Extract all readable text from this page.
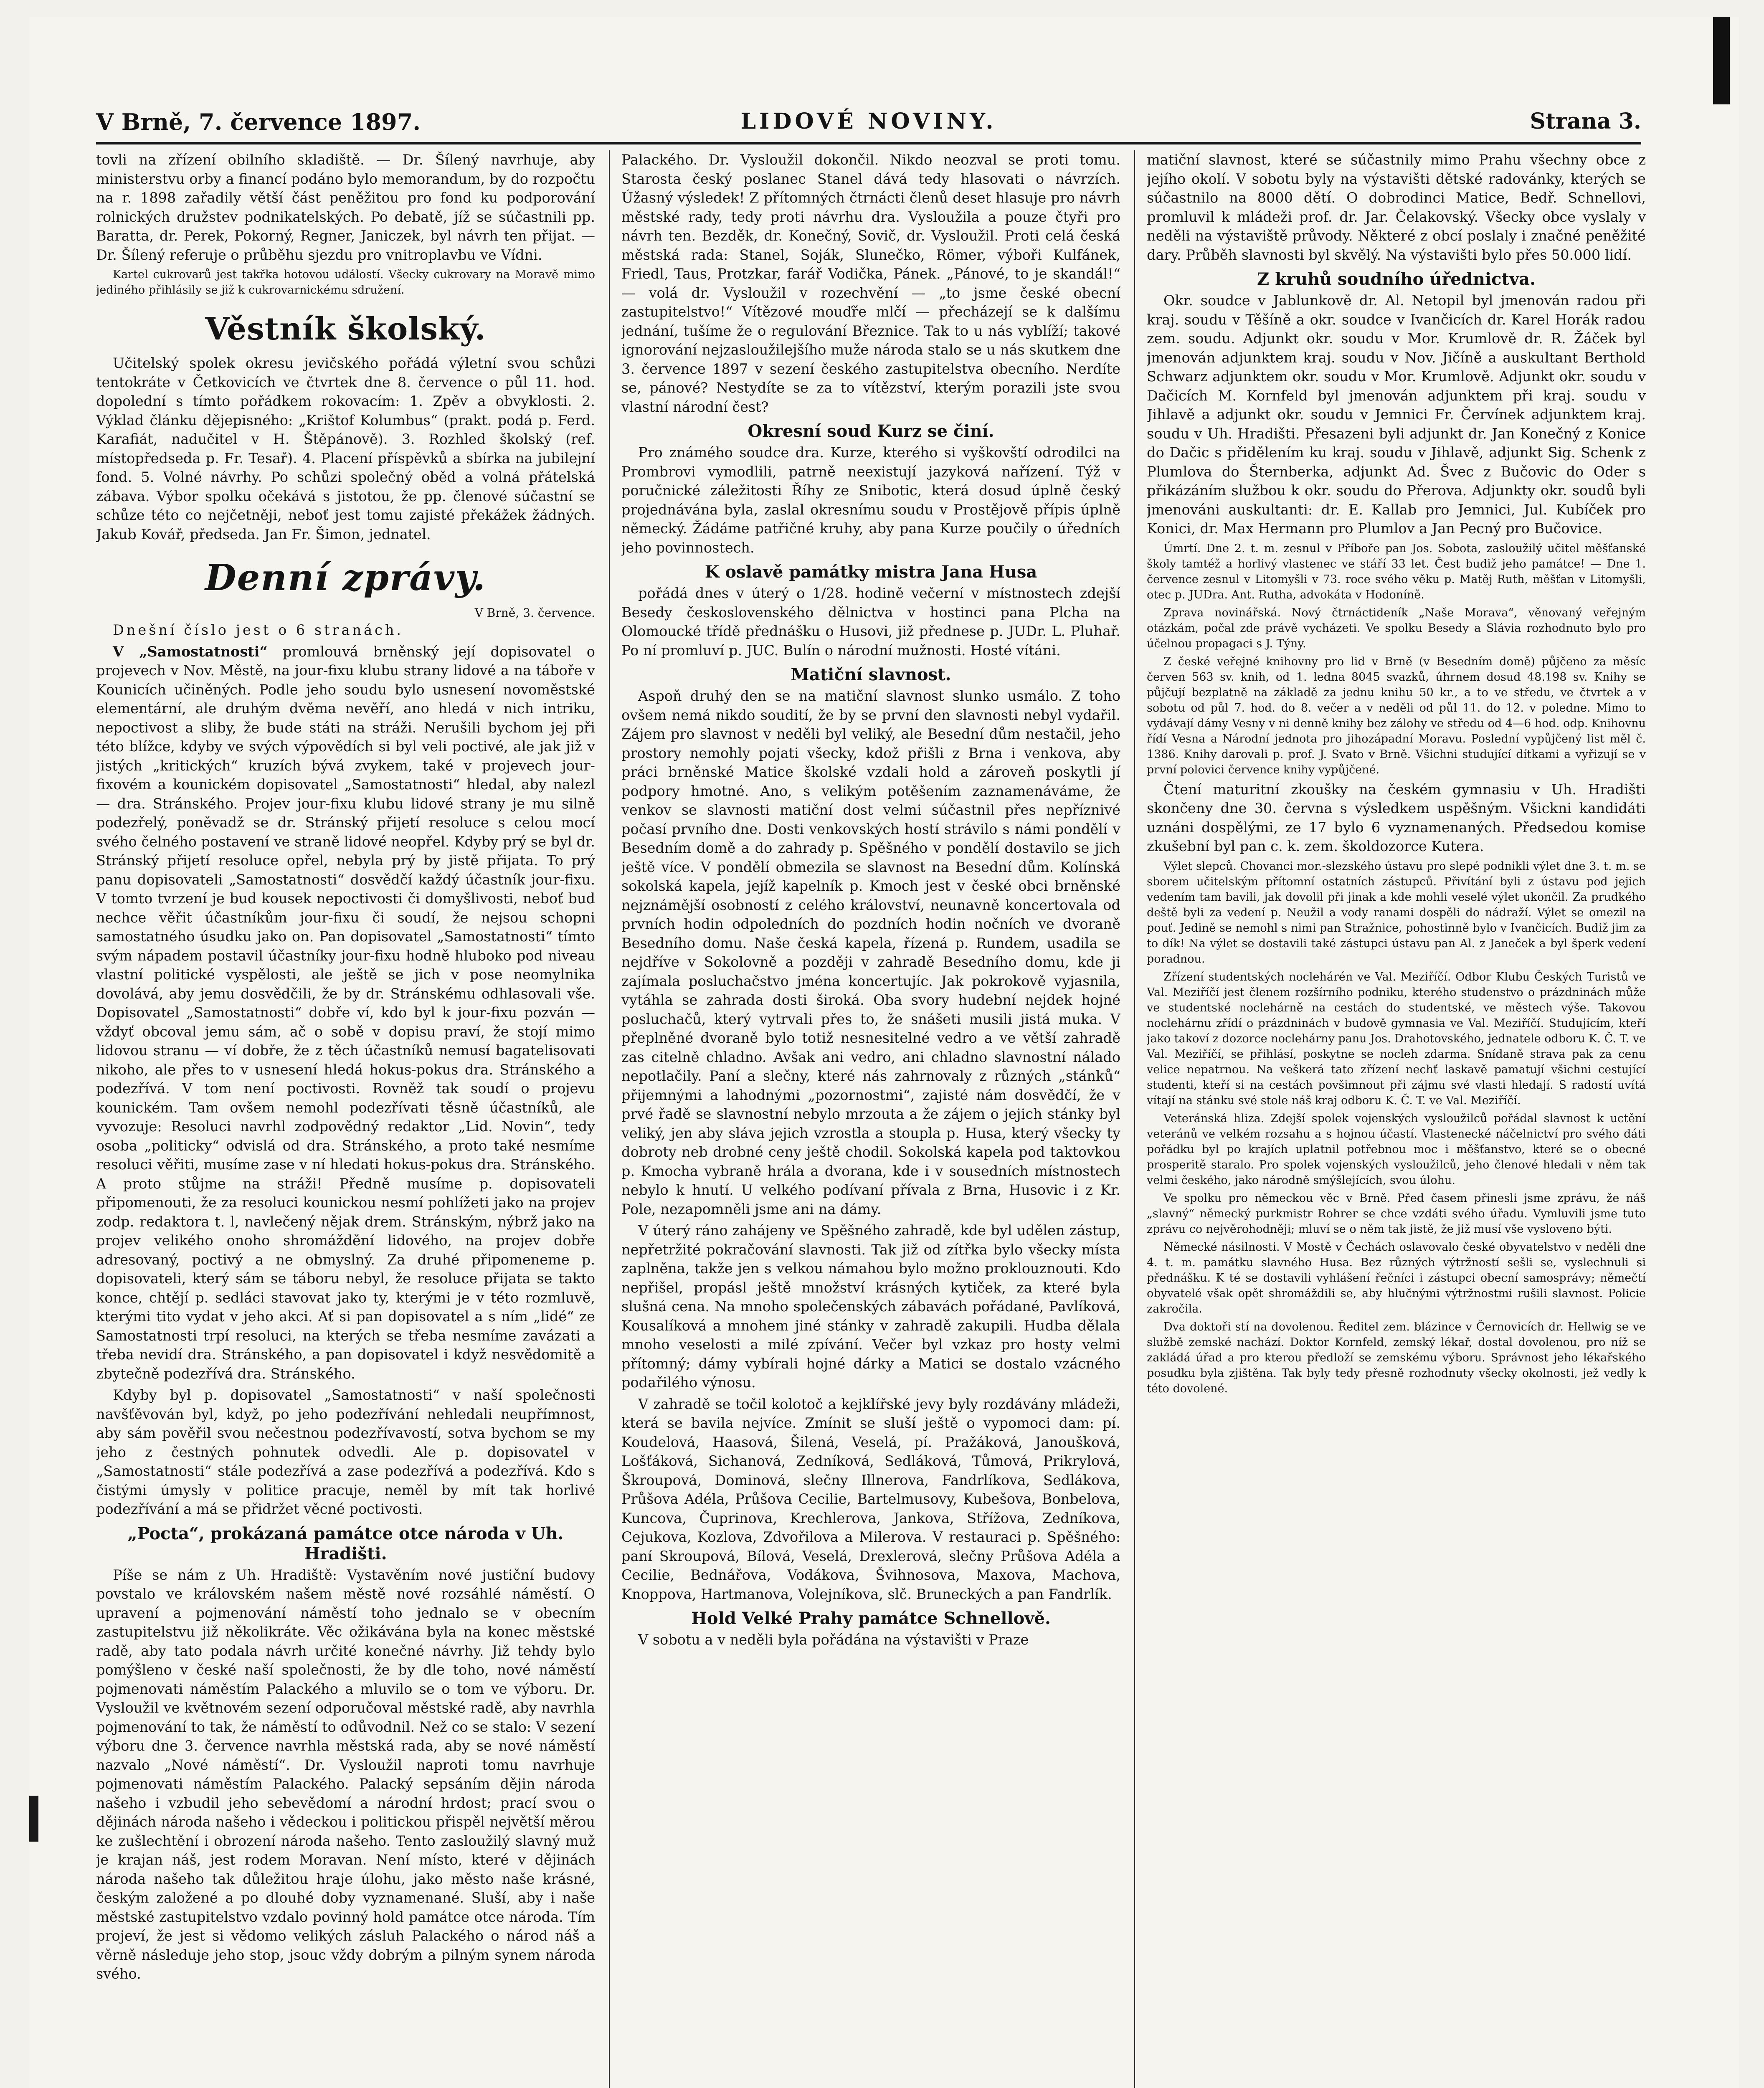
V Brně, 7. července 1897.	LIDOVÉ NOVINY.	Strana 3.

tovli na zřízení obilního skladiště. — Dr. Šílený navrhuje, aby ministerstvu orby a financí podáno bylo memorandum, by do rozpočtu na r. 1898 zařadily větší část peněžitou pro fond ku podporování rolnických družstev podnikatelských. Po debatě, jíž se súčastnili pp. Baratta, dr. Perek, Pokorný, Regner, Janiczek, byl návrh ten přijat. — Dr. Šílený referuje o průběhu sjezdu pro vnitroplavbu ve Vídni.

Kartel cukrovarů jest takřka hotovou událostí. Všecky cukrovary na Moravě mimo jediného přihlásily se již k cukrovarnickému sdružení.

Věstník školský.

Učitelský spolek okresu jevičského pořádá výletní svou schůzi tentokráte v Četkovicích ve čtvrtek dne 8. července o půl 11. hod. dopolední s tímto pořádkem rokovacím: 1. Zpěv a obvyklosti. 2. Výklad článku dějepisného: „Krištof Kolumbus“ (prakt. podá p. Ferd. Karafiát, nadučitel v H. Štěpánově). 3. Rozhled školský (ref. místopředseda p. Fr. Tesař). 4. Placení příspěvků a sbírka na jubilejní fond. 5. Volné návrhy. Po schůzi společný oběd a volná přátelská zábava. Výbor spolku očekává s jistotou, že pp. členové súčastní se schůze této co nejčetněji, neboť jest tomu zajisté překážek žádných. Jakub Kovář, předseda. Jan Fr. Šimon, jednatel.

Denní zprávy.

V Brně, 3. července.

Dnešní číslo jest o 6 stranách.

V „Samostatnosti“ promlouvá brněnský její dopisovatel o projevech v Nov. Městě, na jour-fixu klubu strany lidové a na táboře v Kounicích učiněných. Podle jeho soudu bylo usnesení novoměstské elementární, ale druhým dvěma nevěří, ano hledá v nich intriku, nepoctivost a sliby, že bude státi na stráži. Nerušili bychom jej při této blížce, kdyby ve svých výpovědích si byl veli poctivé, ale jak již v jistých „kritických“ kruzích bývá zvykem, také v projevech jour-fixovém a kounickém dopisovatel „Samostatnosti“ hledal, aby nalezl — dra. Stránského. Projev jour-fixu klubu lidové strany je mu silně podezřelý, poněvadž se dr. Stránský přijetí resoluce s celou mocí svého čelného postavení ve straně lidové neopřel. Kdyby prý se byl dr. Stránský přijetí resoluce opřel, nebyla prý by jistě přijata. To prý panu dopisovateli „Samostatnosti“ dosvědčí každý účastník jour-fixu. V tomto tvrzení je bud kousek nepoctivosti či domyšlivosti, neboť buď nechce věřit účastníkům jour-fixu či soudí, že nejsou schopni samostatného úsudku jako on. Pan dopisovatel „Samostatnosti“ tímto svým nápadem postavil účastníky jour-fixu hodně hluboko pod niveau vlastní politické vyspělosti, ale ještě se jich v pose neomylnika dovolává, aby jemu dosvědčili, že by dr. Stránskému odhlasovali vše. Dopisovatel „Samostatnosti“ dobře ví, kdo byl k jour-fixu pozván — vždyť obcoval jemu sám, ač o sobě v dopisu praví, že stojí mimo lidovou stranu — ví dobře, že z těch účastníků nemusí bagatelisovati nikoho, ale přes to v usnesení hledá hokus-pokus dra. Stránského a podezřívá. V tom není poctivosti. Rovněž tak soudí o projevu kounickém. Tam ovšem nemohl podezřívati těsně účastníků, ale vyvozuje: Resoluci navrhl zodpovědný redaktor „Lid. Novin“, tedy osoba „politicky“ odvislá od dra. Stránského, a proto také nesmíme resoluci věřiti, musíme zase v ní hledati hokus-pokus dra. Stránského. A proto stůjme na stráži! Předně musíme p. dopisovateli připomenouti, že za resoluci kounickou nesmí pohlížeti jako na projev zodp. redaktora t. l, navlečený nějak drem. Stránským, nýbrž jako na projev velikého onoho shromáždění lidového, na projev dobře adresovaný, poctivý a ne obmyslný. Za druhé připomeneme p. dopisovateli, který sám se táboru nebyl, že resoluce přijata se takto konce, chtějí p. sedláci stavovat jako ty, kterými je v této rozmluvě, kterými tito vydat v jeho akci. Ať si pan dopisovatel a s ním „lidé“ ze Samostatnosti trpí resoluci, na kterých se třeba nesmíme zavázati a třeba nevidí dra. Stránského, a pan dopisovatel i když nesvědomitě a zbytečně podezřívá dra. Stránského.

Kdyby byl p. dopisovatel „Samostatnosti“ v naší společnosti navšťěvován byl, když, po jeho podezřívání nehledali neupřímnost, aby sám pověřil svou nečestnou podezřívavostí, sotva bychom se my jeho z čestných pohnutek odvedli. Ale p. dopisovatel v „Samostatnosti“ stále podezřívá a zase podezřívá a podezřívá. Kdo s čistými úmysly v politice pracuje, neměl by mít tak horlivé podezřívání a má se přidržet věcné poctivosti.

„Pocta“, prokázaná památce otce národa v Uh. Hradišti.

Píše se nám z Uh. Hradiště: Vystavěním nové justiční budovy povstalo ve královském našem městě nové rozsáhlé náměstí. O upravení a pojmenování náměstí toho jednalo se v obecním zastupitelstvu již několikráte. Věc ožikávána byla na konec městské radě, aby tato podala návrh určité konečné návrhy. Již tehdy bylo pomýšleno v české naší společnosti, že by dle toho, nové náměstí pojmenovati náměstím Palackého a mluvilo se o tom ve výboru. Dr. Vysloužil ve květnovém sezení odporučoval městské radě, aby navrhla pojmenování to tak, že náměstí to odůvodnil. Než co se stalo: V sezení výboru dne 3. července navrhla městská rada, aby se nové náměstí nazvalo „Nové náměstí“. Dr. Vysloužil naproti tomu navrhuje pojmenovati náměstím Palackého. Palacký sepsáním dějin národa našeho i vzbudil jeho sebevědomí a národní hrdost; prací svou o dějinách národa našeho i vědeckou i politickou přispěl největší měrou ke zušlechtění i obrození národa našeho. Tento zasloužilý slavný muž je krajan náš, jest rodem Moravan. Není místo, které v dějinách národa našeho tak důležitou hraje úlohu, jako město naše krásné, českým založené a po dlouhé doby vyznamenané. Sluší, aby i naše městské zastupitelstvo vzdalo povinný hold památce otce národa. Tím projeví, že jest si vědomo velikých zásluh Palackého o národ náš a věrně následuje jeho stop, jsouc vždy dobrým a pilným synem národa svého.

Palackého. Dr. Vysloužil dokončil. Nikdo neozval se proti tomu. Starosta český poslanec Stanel dává tedy hlasovati o návrzích. Úžasný výsledek! Z přítomných čtrnácti členů deset hlasuje pro návrh městské rady, tedy proti návrhu dra. Vysloužila a pouze čtyři pro návrh ten. Bezděk, dr. Konečný, Sovič, dr. Vysloužil. Proti celá česká městská rada: Stanel, Soják, Slunečko, Römer, výboři Kulfánek, Friedl, Taus, Protzkar, farář Vodička, Pánek. „Pánové, to je skandál!“ — volá dr. Vysloužil v rozechvění — „to jsme české obecní zastupitelstvo!“ Vítězové mouďře mlčí — přecházejí se k dalšímu jednání, tušíme že o regulování Březnice. Tak to u nás vyblíží; takové ignorování nejzasloužilejšího muže národa stalo se u nás skutkem dne 3. července 1897 v sezení českého zastupitelstva obecního. Nerdíte se, pánové? Nestydíte se za to vítězství, kterým porazili jste svou vlastní národní čest?

Okresní soud Kurz se činí.

Pro známého soudce dra. Kurze, kterého si vyškovští odrodilci na Prombrovi vymodlili, patrně neexistují jazyková nařízení. Týž v poručnické záležitosti Říhy ze Snibotic, která dosud úplně český projednávána byla, zaslal okresnímu soudu v Prostějově přípis úplně německý. Žádáme patřičné kruhy, aby pana Kurze poučily o úředních jeho povinnostech.

K oslavě památky mistra Jana Husa

pořádá dnes v úterý o 1/28. hodině večerní v místnostech zdejší Besedy československého dělnictva v hostinci pana Plcha na Olomoucké třídě přednášku o Husovi, již přednese p. JUDr. L. Pluhař. Po ní promluví p. JUC. Bulín o národní mužnosti. Hosté vítáni.

Matiční slavnost.

Aspoň druhý den se na matiční slavnost slunko usmálo. Z toho ovšem nemá nikdo soudití, že by se první den slavnosti nebyl vydařil. Zájem pro slavnost v neděli byl veliký, ale Besední dům nestačil, jeho prostory nemohly pojati všecky, kdož přišli z Brna i venkova, aby práci brněnské Matice školské vzdali hold a zároveň poskytli jí podpory hmotné. Ano, s velikým potěšením zaznamenáváme, že venkov se slavnosti matiční dost velmi súčastnil přes nepříznivé počasí prvního dne. Dosti venkovských hostí strávilo s námi pondělí v Besedním domě a do zahrady p. Spěšného v pondělí dostavilo se jich ještě více. V pondělí obmezila se slavnost na Besední dům. Kolínská sokolská kapela, jejíž kapelník p. Kmoch jest v české obci brněnské nejznámější osobností z celého království, neunavně koncertovala od prvních hodin odpoledních do pozdních hodin nočních ve dvoraně Besedního domu. Naše česká kapela, řízená p. Rundem, usadila se nejdříve v Sokolovně a později v zahradě Besedního domu, kde ji zajímala posluchačstvo jména koncertujíc. Jak pokrokově vyjasnila, vytáhla se zahrada dosti široká. Oba svory hudební nejdek hojné posluchačů, který vytrvali přes to, že snášeti musili jistá muka. V přeplněné dvoraně bylo totiž nesnesitelné vedro a ve větší zahradě zas citelně chladno. Avšak ani vedro, ani chladno slavnostní nálado nepotlačily. Paní a slečny, které nás zahrnovaly z různých „stánků“ přijemnými a lahodnými „pozornostmi“, zajisté nám dosvědčí, že v prvé řadě se slavnostní nebylo mrzouta a že zájem o jejich stánky byl veliký, jen aby sláva jejich vzrostla a stoupla p. Husa, který všecky ty dobroty neb drobné ceny ještě chodil. Sokolská kapela pod taktovkou p. Kmocha vybraně hrála a dvorana, kde i v sousedních místnostech nebylo k hnutí. U velkého podívaní přívala z Brna, Husovic i z Kr. Pole, nezapomněli jsme ani na dámy.

V úterý ráno zahájeny ve Spěšného zahradě, kde byl udělen zástup, nepřetržité pokračování slavnosti. Tak již od zítřka bylo všecky místa zaplněna, takže jen s velkou námahou bylo možno proklouznouti. Kdo nepřišel, propásl ještě množství krásných kytiček, za které byla slušná cena. Na mnoho společenských zábavách pořádané, Pavlíková, Kousalíková a mnohem jiné stánky v zahradě zakupili. Hudba dělala mnoho veselosti a milé zpívání. Večer byl vzkaz pro hosty velmi přítomný; dámy vybírali hojné dárky a Matici se dostalo vzácného podařilého výnosu.

V zahradě se točil kolotoč a kejklířské jevy byly rozdávány mládeži, která se bavila nejvíce. Zmínit se sluší ještě o vypomoci dam: pí. Koudelová, Haasová, Šilená, Veselá, pí. Pražáková, Janoušková, Lošťáková, Sichanová, Zedníková, Sedláková, Tůmová, Prikrylová, Škroupová, Dominová, slečny Illnerova, Fandrlíkova, Sedlákova, Průšova Adéla, Průšova Cecilie, Bartelmusovy, Kubešova, Bonbelova, Kuncova, Čuprinova, Krechlerova, Jankova, Střížova, Zedníkova, Cejukova, Kozlova, Zdvořilova a Milerova. V restauraci p. Spěšného: paní Skroupová, Bílová, Veselá, Drexlerová, slečny Průšova Adéla a Cecilie, Bednářova, Vodákova, Švihnosova, Maxova, Machova, Knoppova, Hartmanova, Volejníkova, slč. Bruneckých a pan Fandrlík.

Hold Velké Prahy památce Schnellově.

V sobotu a v neděli byla pořádána na výstavišti v Praze

matiční slavnost, které se súčastnily mimo Prahu všechny obce z jejího okolí. V sobotu byly na výstavišti dětské radovánky, kterých se súčastnilo na 8000 dětí. O dobrodinci Matice, Bedř. Schnellovi, promluvil k mládeži prof. dr. Jar. Čelakovský. Všecky obce vyslaly v neděli na výstaviště průvody. Některé z obcí poslaly i značné peněžité dary. Průběh slavnosti byl skvělý. Na výstavišti bylo přes 50.000 lidí.

Z kruhů soudního úřednictva.

Okr. soudce v Jablunkově dr. Al. Netopil byl jmenován radou při kraj. soudu v Těšíně a okr. soudce v Ivančicích dr. Karel Horák radou zem. soudu. Adjunkt okr. soudu v Mor. Krumlově dr. R. Žáček byl jmenován adjunktem kraj. soudu v Nov. Jičíně a auskultant Berthold Schwarz adjunktem okr. soudu v Mor. Krumlově. Adjunkt okr. soudu v Dačicích M. Kornfeld byl jmenován adjunktem při kraj. soudu v Jihlavě a adjunkt okr. soudu v Jemnici Fr. Červínek adjunktem kraj. soudu v Uh. Hradišti. Přesazeni byli adjunkt dr. Jan Konečný z Konice do Dačic s přidělením ku kraj. soudu v Jihlavě, adjunkt Sig. Schenk z Plumlova do Šternberka, adjunkt Ad. Švec z Bučovic do Oder s přikázáním službou k okr. soudu do Přerova. Adjunkty okr. soudů byli jmenováni auskultanti: dr. E. Kallab pro Jemnici, Jul. Kubíček pro Konici, dr. Max Hermann pro Plumlov a Jan Pecný pro Bučovice.

Úmrtí. Dne 2. t. m. zesnul v Příboře pan Jos. Sobota, zasloužilý učitel měšťanské školy tamtéž a horlivý vlastenec ve stáří 33 let. Čest budiž jeho památce! — Dne 1. července zesnul v Litomyšli v 73. roce svého věku p. Matěj Ruth, měšťan v Litomyšli, otec p. JUDra. Ant. Rutha, advokáta v Hodoníně.

Zprava novinářská. Nový čtrnáctideník „Naše Morava“, věnovaný veřejným otázkám, počal zde právě vycházeti. Ve spolku Besedy a Slávia rozhodnuto bylo pro účelnou propagaci s J. Týny.

Z české veřejné knihovny pro lid v Brně (v Besedním domě) půjčeno za měsíc červen 563 sv. knih, od 1. ledna 8045 svazků, úhrnem dosud 48.198 sv. Knihy se půjčují bezplatně na základě za jednu knihu 50 kr., a to ve středu, ve čtvrtek a v sobotu od půl 7. hod. do 8. večer a v neděli od půl 11. do 12. v poledne. Mimo to vydávají dámy Vesny v ni denně knihy bez zálohy ve středu od 4—6 hod. odp. Knihovnu řídí Vesna a Národní jednota pro jihozápadní Moravu. Poslední vypůjčený list měl č. 1386. Knihy darovali p. prof. J. Svato v Brně. Všichni studující dítkami a vyřizují se v první polovici července knihy vypůjčené.

Čtení maturitní zkoušky na českém gymnasiu v Uh. Hradišti skončeny dne 30. června s výsledkem uspěšným. Všickni kandidáti uznáni dospělými, ze 17 bylo 6 vyznamenaných. Předsedou komise zkušební byl pan c. k. zem. školdozorce Kutera.

Výlet slepců. Chovanci mor.-slezského ústavu pro slepé podnikli výlet dne 3. t. m. se sborem učitelským přítomní ostatních zástupců. Přivítání byli z ústavu pod jejich vedením tam bavili, jak dovolil při jinak a kde mohli veselé výlet ukončil. Za prudkého deště byli za vedení p. Neužil a vody ranami dospěli do nádraží. Výlet se omezil na pouť. Jedině se nemohl s nimi pan Stražnice, pohostinně bylo v Ivančicích. Budiž jim za to dík! Na výlet se dostavili také zástupci ústavu pan Al. z Janeček a byl šperk vedení poradnou.

Zřízení studentských noclehárén ve Val. Meziříčí. Odbor Klubu Českých Turistů ve Val. Meziříčí jest členem rozšírního podniku, kterého studenstvo o prázdninách může ve studentské noclehárně na cestách do studentské, ve městech výše. Takovou noclehárnu zřídí o prázdninách v budově gymnasia ve Val. Meziříčí. Studujícím, kteří jako takoví z dozorce noclehárny panu Jos. Drahotovského, jednatele odboru K. Č. T. ve Val. Meziříčí, se přihlásí, poskytne se nocleh zdarma. Snídaně strava pak za cenu velice nepatrnou. Na veškerá tato zřízení nechť laskavě pamatují všichni cestující studenti, kteří si na cestách povšimnout při zájmu své vlasti hledají. S radostí uvítá vítají na stánku své stole náš kraj odboru K. Č. T. ve Val. Meziříčí.

Veteránská hliza. Zdejší spolek vojenských vysloužilců pořádal slavnost k uctění veteránů ve velkém rozsahu a s hojnou účastí. Vlastenecké náčelnictví pro svého dáti pořádku byl po krajích uplatnil potřebnou moc i měšťanstvo, které se o obecné prosperitě staralo. Pro spolek vojenských vysloužilců, jeho členové hledali v něm tak velmi českého, jako národně smýšlejících, svou úlohu.

Ve spolku pro německou věc v Brně. Před časem přinesli jsme zprávu, že náš „slavný“ německý purkmistr Rohrer se chce vzdáti svého úřadu. Vymluvili jsme tuto zprávu co nejvěrohodněji; mluví se o něm tak jistě, že již musí vše vysloveno býti.

Německé násilnosti. V Mostě v Čechách oslavovalo české obyvatelstvo v neděli dne 4. t. m. památku slavného Husa. Bez různých výtržností sešli se, vyslechnuli si přednášku. K té se dostavili vyhlášení řečníci i zástupci obecní samosprávy; němečtí obyvatelé však opět shromáždili se, aby hlučnými výtržnostmi rušili slavnost. Policie zakročila.

Dva doktoři stí na dovolenou. Ředitel zem. blázince v Černovicích dr. Hellwig se ve službě zemské nachází. Doktor Kornfeld, zemský lékař, dostal dovolenou, pro níž se zakládá úřad a pro kterou předloží se zemskému výboru. Správnost jeho lékařského posudku byla zjištěna. Tak byly tedy přesně rozhodnuty všecky okolnosti, jež vedly k této dovolené.
